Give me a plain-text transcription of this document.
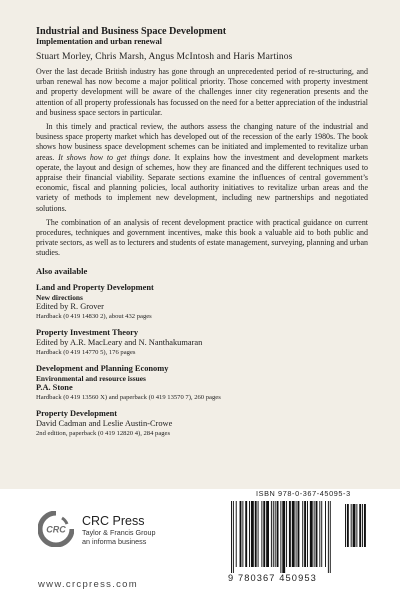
Industrial and Business Space Development
Implementation and urban renewal
Stuart Morley, Chris Marsh, Angus McIntosh and Haris Martinos

Over the last decade British industry has gone through an unprecedented period of re-structuring, and urban renewal has now become a major political priority. Those concerned with property investment and property development will be aware of the challenges inner city regeneration presents and the attention of all property professionals has focussed on the need for a better appreciation of the industrial and business space sectors in particular.

In this timely and practical review, the authors assess the changing nature of the industrial and business space property market which has developed out of the recession of the early 1980s. The book shows how business space development schemes can be initiated and implemented to revitalize urban areas. It shows how to get things done. It explains how the investment and development markets operate, the layout and design of schemes, how they are financed and the different techniques used to appraise their financial viability. Separate sections examine the influences of central government’s economic, fiscal and planning policies, local authority initiatives to revitalize urban areas and the variety of methods to implement new development, including new partnerships and negotiated solutions.

The combination of an analysis of recent development practice with practical guidance on current procedures, techniques and government incentives, make this book a valuable aid to both public and private sectors, as well as to lecturers and students of estate management, surveying, planning and urban studies.

Also available
Land and Property Development
New directions
Edited by R. Grover
Hardback (0 419 14830 2), about 432 pages
Property Investment Theory
Edited by A.R. MacLeary and N. Nanthakumaran
Hardback (0 419 14770 5), 176 pages
Development and Planning Economy
Environmental and resource issues
P.A. Stone
Hardback (0 419 13560 X) and paperback (0 419 13570 7), 260 pages
Property Development
David Cadman and Leslie Austin-Crowe
2nd edition, paperback (0 419 12820 4), 284 pages
CRC
CRC Press
Taylor & Francis Group
an informa business
www.crcpress.com
ISBN 978-0-367-45095-3
9 780367 450953
